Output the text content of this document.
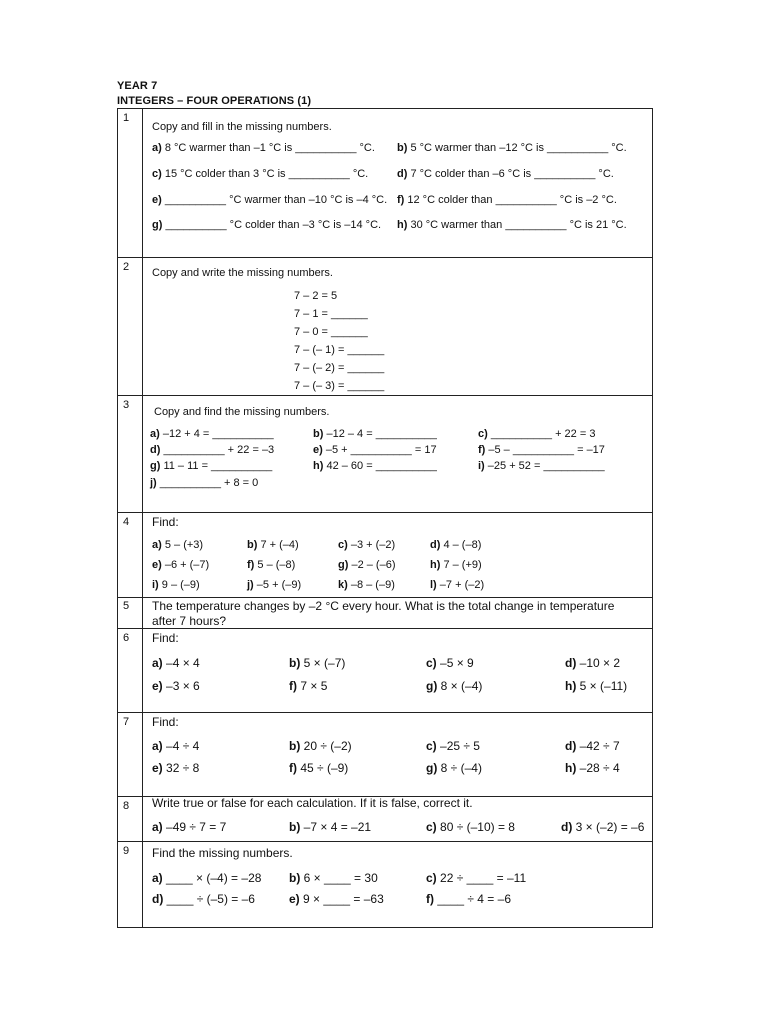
YEAR 7
INTEGERS – FOUR OPERATIONS (1)
1
Copy and fill in the missing numbers.
a) 8 °C warmer than –1 °C is __________ °C. b) 5 °C warmer than –12 °C is __________ °C.
c) 15 °C colder than 3 °C is __________ °C.	d) 7 °C colder than –6 °C is __________ °C.
e) __________ °C warmer than –10 °C is –4 °C. f) 12 °C colder than __________ °C is –2 °C.
g) __________ °C colder than –3 °C is –14 °C. h) 30 °C warmer than __________ °C is 21 °C.
2 Copy and write the missing numbers.
7 – 2 = 5
7 – 1 = ______
7 – 0 = ______
7 – (– 1) = ______
7 – (– 2) = ______
7 – (– 3) = ______
3
Copy and find the missing numbers.
a) –12 + 4 = __________	b) –12 – 4 = __________	c) __________ + 22 = 3
d) __________ + 22 = –3	e) –5 + __________ = 17	f) –5 – __________ = –17
g) 11 – 11 = __________	h) 42 – 60 = __________	i) –25 + 52 = __________
j) __________ + 8 = 0
4 Find:
a) 5 – (+3)	b) 7 + (–4)	c) –3 + (–2)	d) 4 – (–8)
e) –6 + (–7)	f) 5 – (–8)	g) –2 – (–6)	h) 7 – (+9)
i) 9 – (–9)	j) –5 + (–9)	k) –8 – (–9)	l) –7 + (–2)
5 The temperature changes by –2 °C every hour. What is the total change in temperature
after 7 hours?
6 Find:
a) –4 × 4	b) 5 × (–7)	c) –5 × 9	d) –10 × 2
e) –3 × 6	f) 7 × 5	g) 8 × (–4)	h) 5 × (–11)
7 Find:
a) –4 ÷ 4	b) 20 ÷ (–2)	c) –25 ÷ 5	d) –42 ÷ 7
e) 32 ÷ 8	f) 45 ÷ (–9)	g) 8 ÷ (–4)	h) –28 ÷ 4
8 Write true or false for each calculation. If it is false, correct it.
a) –49 ÷ 7 = 7	b) –7 × 4 = –21	c) 80 ÷ (–10) = 8	d) 3 × (–2) = –6
9 Find the missing numbers.
a) ____ × (–4) = –28 b) 6 × ____ = 30	c) 22 ÷ ____ = –11
d) ____ ÷ (–5) = –6	e) 9 × ____ = –63	f) ____ ÷ 4 = –6
